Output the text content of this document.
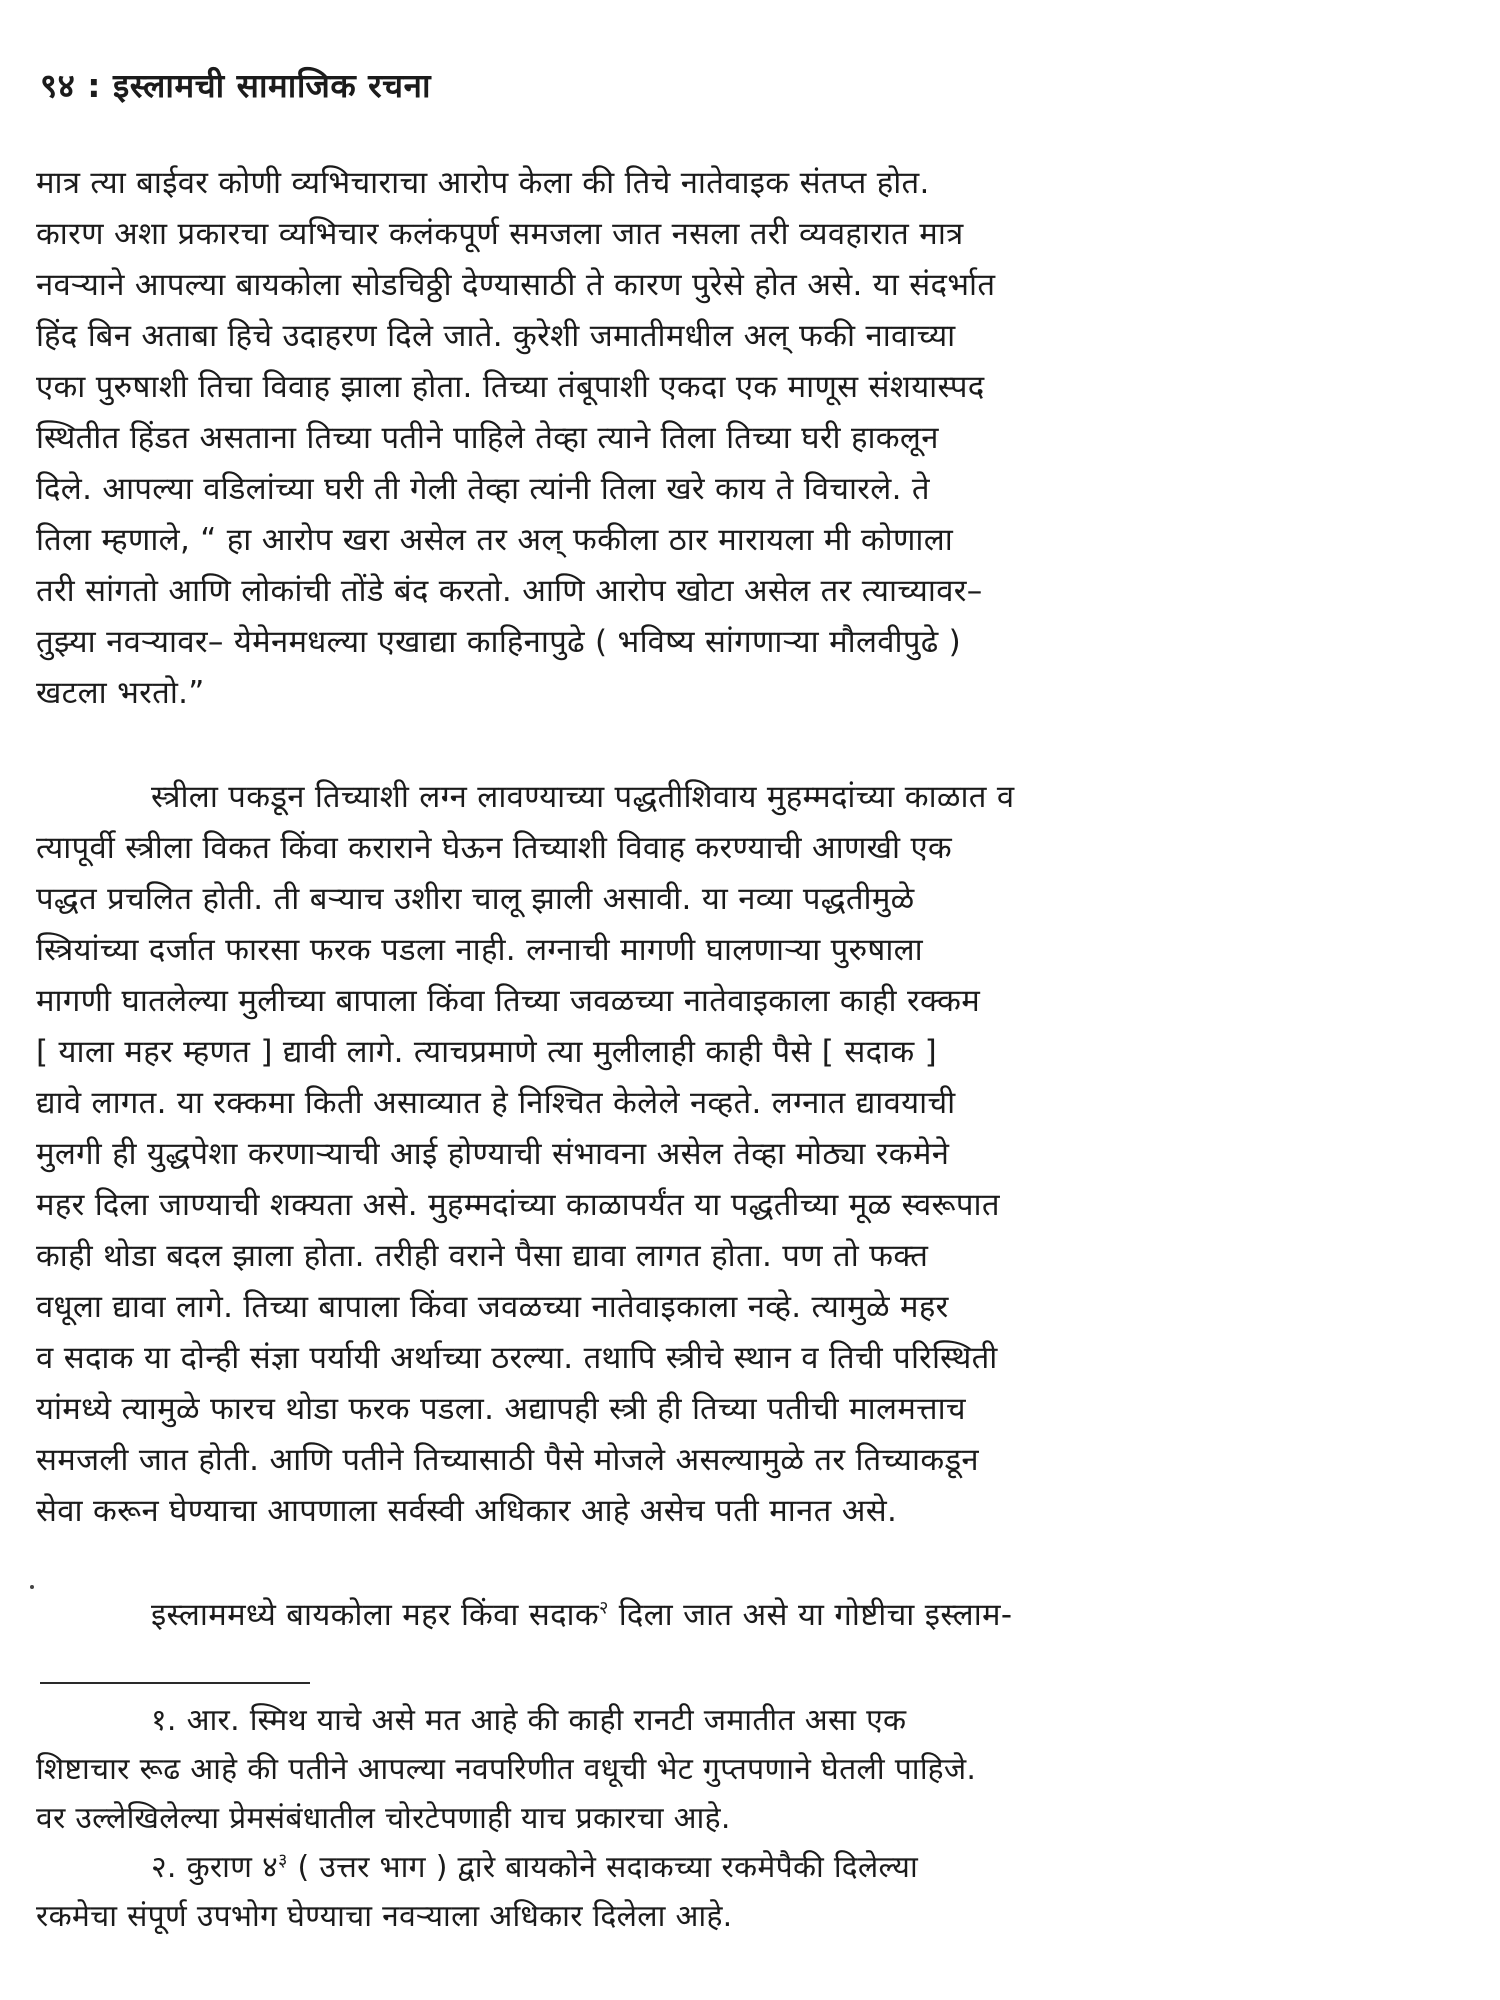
९४ : इस्लामची सामाजिक रचना
मात्र त्या बाईवर कोणी व्यभिचाराचा आरोप केला की तिचे नातेवाइक संतप्त होत.
कारण अशा प्रकारचा व्यभिचार कलंकपूर्ण समजला जात नसला तरी व्यवहारात मात्र
नवऱ्याने आपल्या बायकोला सोडचिठ्ठी देण्यासाठी ते कारण पुरेसे होत असे. या संदर्भात
हिंद बिन अताबा हिचे उदाहरण दिले जाते. कुरेशी जमातीमधील अल् फकी नावाच्या
एका पुरुषाशी तिचा विवाह झाला होता. तिच्या तंबूपाशी एकदा एक माणूस संशयास्पद
स्थितीत हिंडत असताना तिच्या पतीने पाहिले तेव्हा त्याने तिला तिच्या घरी हाकलून
दिले. आपल्या वडिलांच्या घरी ती गेली तेव्हा त्यांनी तिला खरे काय ते विचारले. ते
तिला म्हणाले, “ हा आरोप खरा असेल तर अल् फकीला ठार मारायला मी कोणाला
तरी सांगतो आणि लोकांची तोंडे बंद करतो. आणि आरोप खोटा असेल तर त्याच्यावर–
तुझ्या नवऱ्यावर– येमेनमधल्या एखाद्या काहिनापुढे ( भविष्य सांगणाऱ्या मौलवीपुढे )
खटला भरतो.”
स्त्रीला पकडून तिच्याशी लग्न लावण्याच्या पद्धतीशिवाय मुहम्मदांच्या काळात व
त्यापूर्वी स्त्रीला विकत किंवा कराराने घेऊन तिच्याशी विवाह करण्याची आणखी एक
पद्धत प्रचलित होती. ती बऱ्याच उशीरा चालू झाली असावी. या नव्या पद्धतीमुळे
स्त्रियांच्या दर्जात फारसा फरक पडला नाही. लग्नाची मागणी घालणाऱ्या पुरुषाला
मागणी घातलेल्या मुलीच्या बापाला किंवा तिच्या जवळच्या नातेवाइकाला काही रक्कम
[ याला महर म्हणत ] द्यावी लागे. त्याचप्रमाणे त्या मुलीलाही काही पैसे [ सदाक ]
द्यावे लागत. या रक्कमा किती असाव्यात हे निश्चित केलेले नव्हते. लग्नात द्यावयाची
मुलगी ही युद्धपेशा करणाऱ्याची आई होण्याची संभावना असेल तेव्हा मोठ्या रकमेने
महर दिला जाण्याची शक्यता असे. मुहम्मदांच्या काळापर्यंत या पद्धतीच्या मूळ स्वरूपात
काही थोडा बदल झाला होता. तरीही वराने पैसा द्यावा लागत होता. पण तो फक्त
वधूला द्यावा लागे. तिच्या बापाला किंवा जवळच्या नातेवाइकाला नव्हे. त्यामुळे महर
व सदाक या दोन्ही संज्ञा पर्यायी अर्थाच्या ठरल्या. तथापि स्त्रीचे स्थान व तिची परिस्थिती
यांमध्ये त्यामुळे फारच थोडा फरक पडला. अद्यापही स्त्री ही तिच्या पतीची मालमत्ताच
समजली जात होती. आणि पतीने तिच्यासाठी पैसे मोजले असल्यामुळे तर तिच्याकडून
सेवा करून घेण्याचा आपणाला सर्वस्वी अधिकार आहे असेच पती मानत असे.
इस्लाममध्ये बायकोला महर किंवा सदाक$^२$ दिला जात असे या गोष्टीचा इस्लाम-
१. आर. स्मिथ याचे असे मत आहे की काही रानटी जमातीत असा एक
शिष्टाचार रूढ आहे की पतीने आपल्या नवपरिणीत वधूची भेट गुप्तपणाने घेतली पाहिजे.
वर उल्लेखिलेल्या प्रेमसंबंधातील चोरटेपणाही याच प्रकारचा आहे.
२. कुराण ४$^३$ ( उत्तर भाग ) द्वारे बायकोने सदाकच्या रकमेपैकी दिलेल्या
रकमेचा संपूर्ण उपभोग घेण्याचा नवऱ्याला अधिकार दिलेला आहे.
